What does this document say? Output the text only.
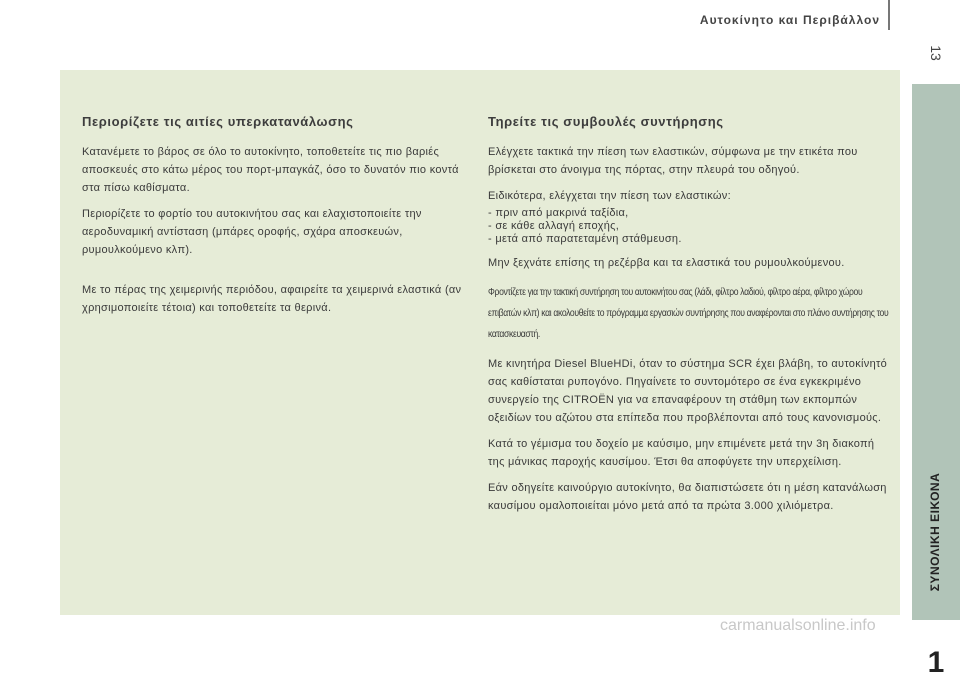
Αυτοκίνητο και Περιβάλλον
13
ΣΥΝΟΛΙΚΗ ΕΙΚΟΝΑ
1
Περιορίζετε τις αιτίες υπερκατανάλωσης

Κατανέμετε το βάρος σε όλο το αυτοκίνητο, τοποθετείτε τις πιο βαριές αποσκευές στο κάτω μέρος του πορτ-μπαγκάζ, όσο το δυνατόν πιο κοντά στα πίσω καθίσματα.

Περιορίζετε το φορτίο του αυτοκινήτου σας και ελαχιστοποιείτε την αεροδυναμική αντίσταση (μπάρες οροφής, σχάρα αποσκευών, ρυμουλκούμενο κλπ).

Με το πέρας της χειμερινής περιόδου, αφαιρείτε τα χειμερινά ελαστικά (αν χρησιμοποιείτε τέτοια) και τοποθετείτε τα θερινά.

Τηρείτε τις συμβουλές συντήρησης

Ελέγχετε τακτικά την πίεση των ελαστικών, σύμφωνα με την ετικέτα που βρίσκεται στο άνοιγμα της πόρτας, στην πλευρά του οδηγού.

Ειδικότερα, ελέγχεται την πίεση των ελαστικών:

- πριν από μακρινά ταξίδια,
- σε κάθε αλλαγή εποχής,
- μετά από παρατεταμένη στάθμευση.

Μην ξεχνάτε επίσης τη ρεζέρβα και τα ελαστικά του ρυμουλκούμενου.

Φροντίζετε για την τακτική συντήρηση του αυτοκινήτου σας (λάδι, φίλτρο λαδιού, φίλτρο αέρα, φίλτρο χώρου επιβατών κλπ) και ακολουθείτε το πρόγραμμα εργασιών συντήρησης που αναφέρονται στο πλάνο συντήρησης του κατασκευαστή.

Με κινητήρα Diesel BlueHDi, όταν το σύστημα SCR έχει βλάβη, το αυτοκίνητό σας καθίσταται ρυπογόνο. Πηγαίνετε το συντομότερο σε ένα εγκεκριμένο συνεργείο της CITROËN για να επαναφέρουν τη στάθμη των εκπομπών οξειδίων του αζώτου στα επίπεδα που προβλέπονται από τους κανονισμούς.

Κατά το γέμισμα του δοχείο με καύσιμο, μην επιμένετε μετά την 3η διακοπή της μάνικας παροχής καυσίμου. Έτσι θα αποφύγετε την υπερχείλιση.

Εάν οδηγείτε καινούργιο αυτοκίνητο, θα διαπιστώσετε ότι η μέση κατανάλωση καυσίμου ομαλοποιείται μόνο μετά από τα πρώτα 3.000 χιλιόμετρα.

carmanualsonline.info
